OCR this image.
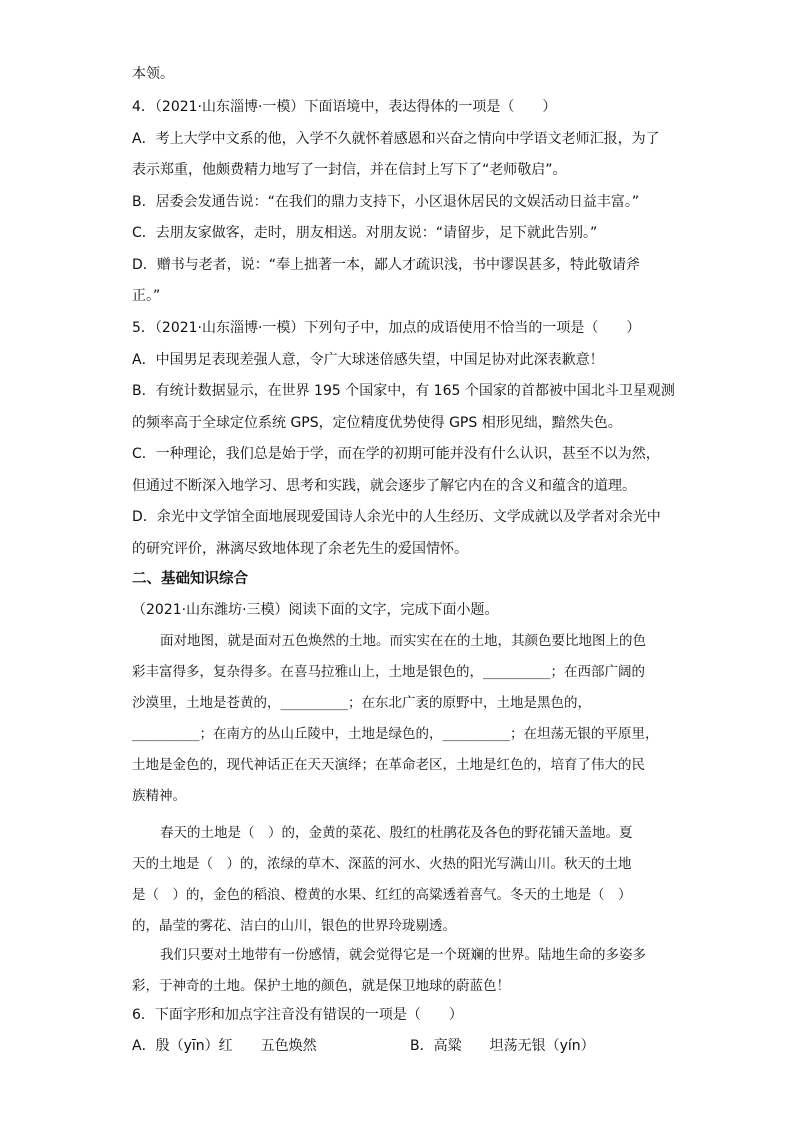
本领。
4．（2021·山东淄博·一模）下面语境中，表达得体的一项是（　　）
A．考上大学中文系的他，入学不久就怀着感恩和兴奋之情向中学语文老师汇报，为了
表示郑重，他颇费精力地写了一封信，并在信封上写下了“老师敬启”。
B．居委会发通告说：“在我们的鼎力支持下，小区退休居民的文娱活动日益丰富。”
C．去朋友家做客，走时，朋友相送。对朋友说：“请留步，足下就此告别。”
D．赠书与老者，说：“奉上拙著一本，鄙人才疏识浅，书中谬误甚多，特此敬请斧
正。”
5．（2021·山东淄博·一模）下列句子中，加点的成语使用不恰当的一项是（　　）
A．中国男足表现差强人意，令广大球迷倍感失望，中国足协对此深表歉意！
B．有统计数据显示，在世界 195 个国家中，有 165 个国家的首都被中国北斗卫星观测
的频率高于全球定位系统 GPS，定位精度优势使得 GPS 相形见绌，黯然失色。
C．一种理论，我们总是始于学，而在学的初期可能并没有什么认识，甚至不以为然，
但通过不断深入地学习、思考和实践，就会逐步了解它内在的含义和蕴含的道理。
D．余光中文学馆全面地展现爱国诗人余光中的人生经历、文学成就以及学者对余光中
的研究评价，淋漓尽致地体现了余老先生的爱国情怀。
二、基础知识综合
（2021·山东潍坊·三模）阅读下面的文字，完成下面小题。
面对地图，就是面对五色焕然的土地。而实实在在的土地，其颜色要比地图上的色
彩丰富得多，复杂得多。在喜马拉雅山上，土地是银色的，__________；在西部广阔的
沙漠里，土地是苍黄的，__________；在东北广袤的原野中，土地是黑色的，
__________；在南方的丛山丘陵中，土地是绿色的，__________；在坦荡无银的平原里，
土地是金色的，现代神话正在天天演绎；在革命老区，土地是红色的，培育了伟大的民
族精神。
春天的土地是（　）的，金黄的菜花、殷红的杜鹃花及各色的野花铺天盖地。夏
天的土地是（　）的，浓绿的草木、深蓝的河水、火热的阳光写满山川。秋天的土地
是（　）的，金色的稻浪、橙黄的水果、红红的高粱透着喜气。冬天的土地是（　）
的，晶莹的雾花、洁白的山川，银色的世界玲珑剔透。
我们只要对土地带有一份感情，就会觉得它是一个斑斓的世界。陆地生命的多姿多
彩，于神奇的土地。保护土地的颜色，就是保卫地球的蔚蓝色！
6．下面字形和加点字注音没有错误的一项是（　　）
A．殷（yīn）红　　五色焕然	B．高粱　　坦荡无银（yín）
